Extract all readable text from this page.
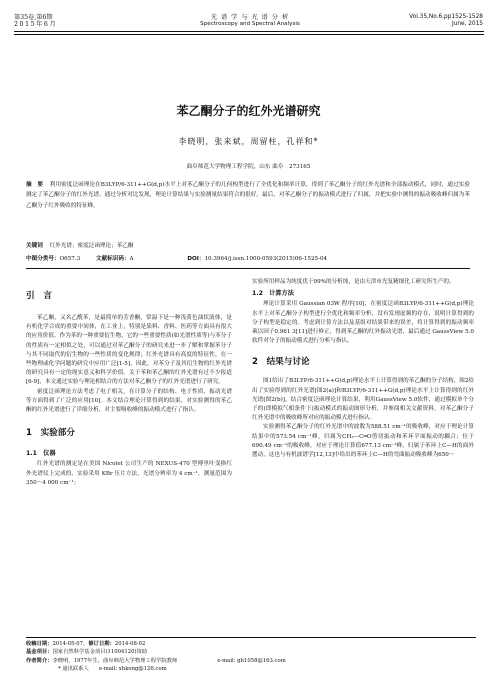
第35卷,第6期
2015年6月
光 谱 学 与 光 谱 分 析
Spectroscopy and Spectral Analysis
Vol.35,No.6,pp1525-1528
June, 2015
苯乙酮分子的红外光谱研究
李晓明，张来斌，周留柱，孔祥和*
曲阜师范大学物理工程学院，山东 曲阜　273165
摘　要 利用密度泛函理论在B3LYP/6-311++G(d,p)水平上对苯乙酮分子的几何构型进行了全优化和频率计算，得到了苯乙酮分子的红外光谱和全部振动模式，同时，通过实验测定了苯乙酮分子的红外光谱。通过分析对比发现，理论计算结果与实验测量结果符合的很好。最后，对苯乙酮分子的振动模式进行了归属，并把实验中测得的振动吸收峰归属为苯乙酮分子红外吸收的特征峰。
关键词 红外光谱；密度泛函理论；苯乙酮
中图分类号：O657.3	文献标识码：A	DOI：10.3964/j.issn.1000-0593(2015)06-1525-04
引　言

苯乙酮，又名乙酰苯，是最简单的芳香酮，常温下是一种浅黄色油状液体，是有机化学合成的重要中间体，在工业上，特别是染料、香料、医药等方面具有很大的应用价值。作为苯的一种重要衍生物，它的一些重要性质(如光谱性质等)与苯分子的性质有一定相似之处，可以通过对苯乙酮分子的研究来进一步了解和掌握苯分子与其不同取代的衍生物的一些性质的变化规律；红外光谱具有高度的特征性，在一些物理或化学问题的研究中应用广泛[1-5]，因此，对苯分子及其衍生物的红外光谱的研究具有一定的现实意义和科学价值。关于苯和苯乙酮的红外光谱有过不少报道[6-9]，本文通过实验与理论相结合的方法对苯乙酮分子的红外光谱进行了研究。

密度泛函理论方法考虑了电子相关，在计算分子的结构、电子性质、振动光谱等方面得到了广泛的应用[10]。本文结合理论计算得到的结果，对实验测得的苯乙酮的红外光谱进行了详细分析，对主要吸收峰的振动模式进行了指认。

1　实验部分
1.1　仪器

红外光谱的测定是在美国 Nicolet 公司生产的 NEXUS-470 型傅里叶变换红外光谱仪上完成的，实验采用 KBr 压片方法，光谱分辨率为 4 cm⁻¹，测量范围为 350～4 000 cm⁻¹；

实验所用样品为纯度优于99%的分析纯，是由天津市光复精细化工研究所生产的。

1.2　计算方法

理论计算采用 Gaussian 03W 程序[10]，在密度泛函B3LYP/6-311++G(d,p)理论水平上对苯乙酮分子构型进行全优化和频率分析，没有发现虚频的存在，说明计算得到的分子构型是稳定的。考虑到计算方法以及基组对结果带来的误差，将计算得到的振动频率乘以因子0.961 3[11]进行修正，得到苯乙酮的红外振动光谱，最后通过 GaussView 5.0 软件对分子的振动模式进行分析与指认。

2　结果与讨论

图1给出了B3LYP/6-311++G(d,p)理论水平上计算得到的苯乙酮的分子结构，图2给出了实验得到的红外光谱[图2(a)]和B3LYP/6-311++G(d,p)理论水平上计算得到的红外光谱[图2(b)]，结合密度泛函理论计算结果，利用GaussView 5.0软件，通过模拟单个分子的(即模拟气相条件下)振动模式的振动图形分析，并参阅相关文献资料，对苯乙酮分子红外光谱中的吸收峰所对应的振动模式进行指认。

实验测得苯乙酮分子的红外光谱中的波数为588.51 cm⁻¹的吸收峰，对应于理论计算结果中的573.54 cm⁻¹峰，归属为CH₃—C═O剪切振动和苯环平面振动的耦合；位于690.49 cm⁻¹的吸收峰，对应于理论计算值677.13 cm⁻¹峰，归属于苯环上C—H的面外摆动，这也与有机波谱学[12,13]中给出的苯环上C—H的弯曲振动吸收峰为650～

收稿日期：2014-05-07，修订日期：2014-08-02
基金项目：国家自然科学基金项目(11004120)资助
作者简介：李晓明，1977年生，曲阜师范大学物理工程学院教师	e-mail: gh1058@163.com
* 通讯联系人 e-mail: xhkong@126.com
